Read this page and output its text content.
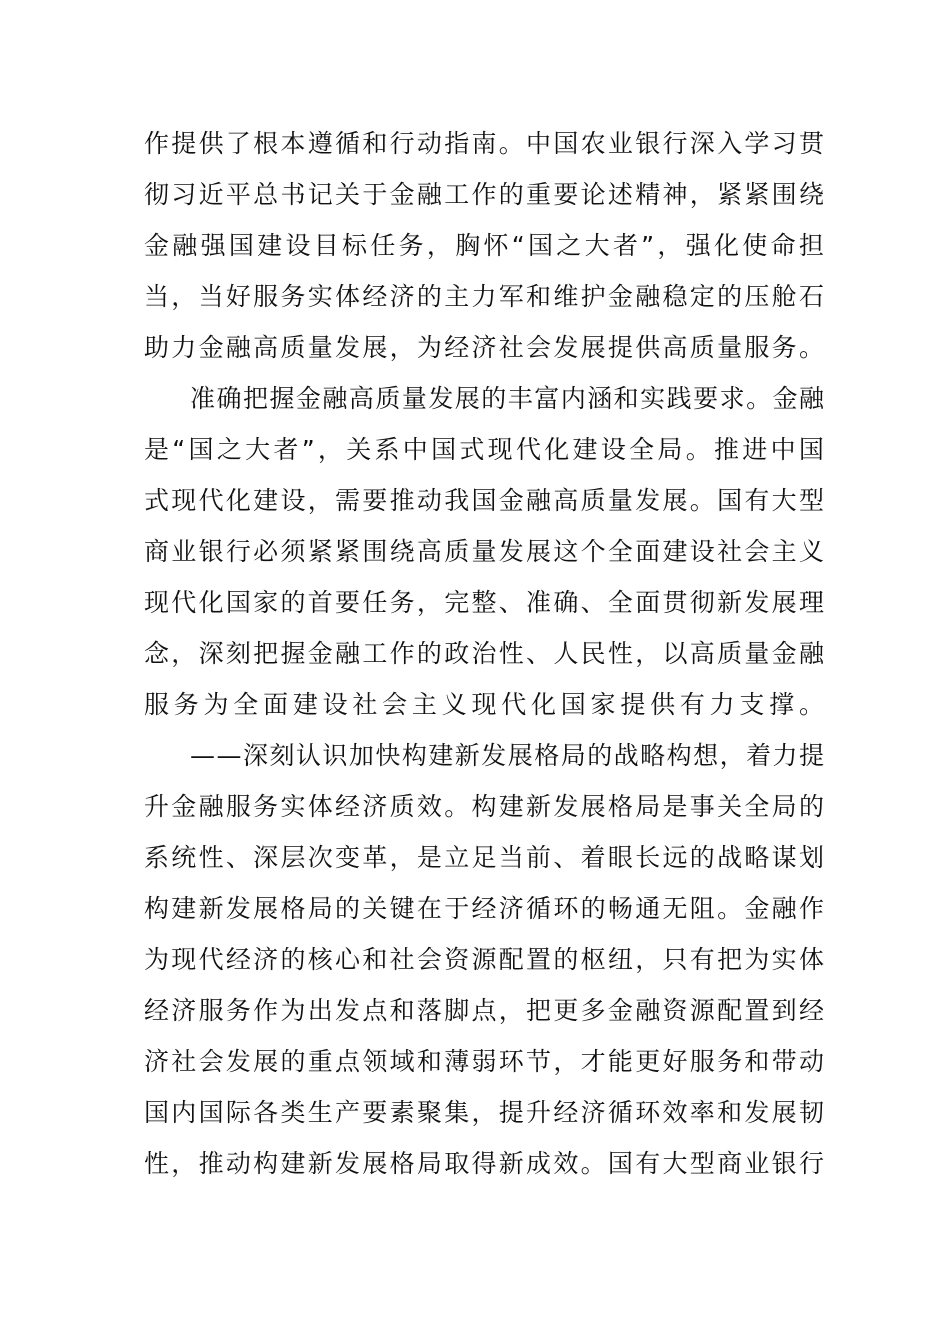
作提供了根本遵循和行动指南。中国农业银行深入学习贯
彻习近平总书记关于金融工作的重要论述精神，紧紧围绕
金融强国建设目标任务，胸怀“国之大者”，强化使命担
当，当好服务实体经济的主力军和维护金融稳定的压舱石
助力金融高质量发展，为经济社会发展提供高质量服务。
准确把握金融高质量发展的丰富内涵和实践要求。金融
是“国之大者”，关系中国式现代化建设全局。推进中国
式现代化建设，需要推动我国金融高质量发展。国有大型
商业银行必须紧紧围绕高质量发展这个全面建设社会主义
现代化国家的首要任务，完整、准确、全面贯彻新发展理
念，深刻把握金融工作的政治性、人民性，以高质量金融
服务为全面建设社会主义现代化国家提供有力支撑。
——深刻认识加快构建新发展格局的战略构想，着力提
升金融服务实体经济质效。构建新发展格局是事关全局的
系统性、深层次变革，是立足当前、着眼长远的战略谋划
构建新发展格局的关键在于经济循环的畅通无阻。金融作
为现代经济的核心和社会资源配置的枢纽，只有把为实体
经济服务作为出发点和落脚点，把更多金融资源配置到经
济社会发展的重点领域和薄弱环节，才能更好服务和带动
国内国际各类生产要素聚集，提升经济循环效率和发展韧
性，推动构建新发展格局取得新成效。国有大型商业银行
